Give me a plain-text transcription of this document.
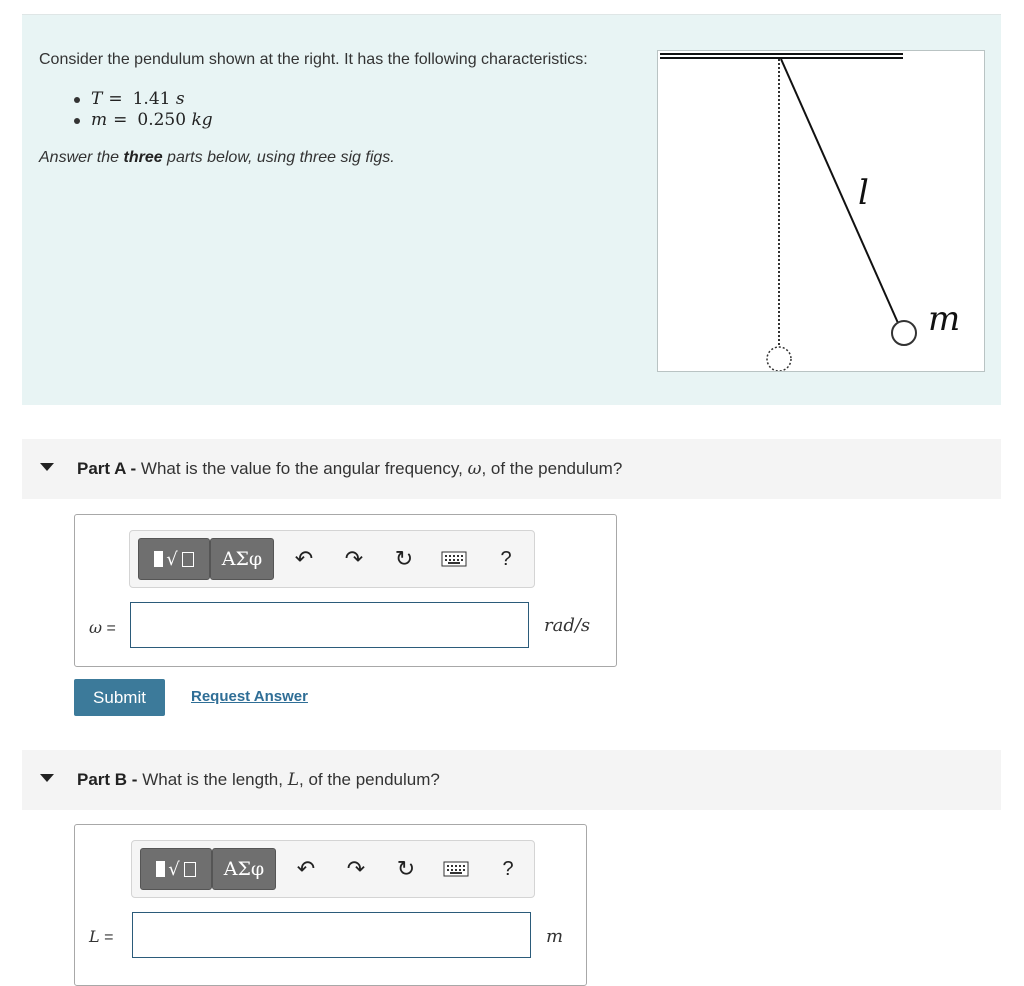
Consider the pendulum shown at the right. It has the following characteristics:
T = 1.41
s
m = 0.250
kg
Answer the three parts below, using three sig figs.
l
m
Part A - What is the value fo the angular frequency, ω, of the pendulum?
√	ΑΣφ	↶ ↷ ↻	?
ω =	rad/s
Submit	Request Answer
Part B - What is the length, L, of the pendulum?
√	ΑΣφ	↶ ↷ ↻	?
L =	m
